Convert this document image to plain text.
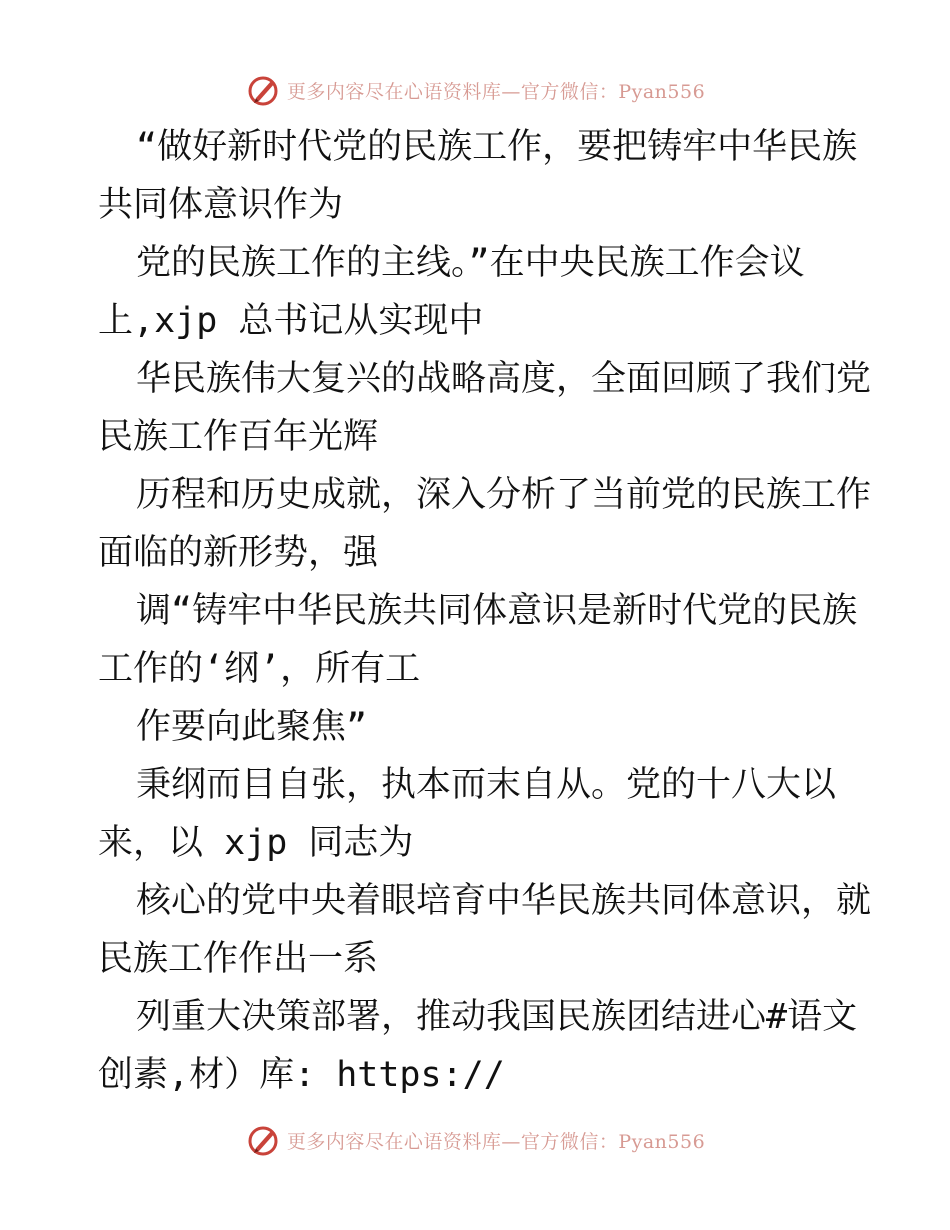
更多内容尽在心语资料库—官方微信：Pyan556
“做好新时代党的民族工作，要把铸牢中华民族
共同体意识作为
党的民族工作的主线。”在中央民族工作会议
上,xjp 总书记从实现中
华民族伟大复兴的战略高度，全面回顾了我们党
民族工作百年光辉
历程和历史成就，深入分析了当前党的民族工作
面临的新形势，强
调“铸牢中华民族共同体意识是新时代党的民族
工作的‘纲’，所有工
作要向此聚焦”
秉纲而目自张，执本而末自从。党的十八大以
来，以 xjp 同志为
核心的党中央着眼培育中华民族共同体意识，就
民族工作作出一系
列重大决策部署，推动我国民族团结进心#语文
创素,材）库: https://
更多内容尽在心语资料库—官方微信：Pyan556
